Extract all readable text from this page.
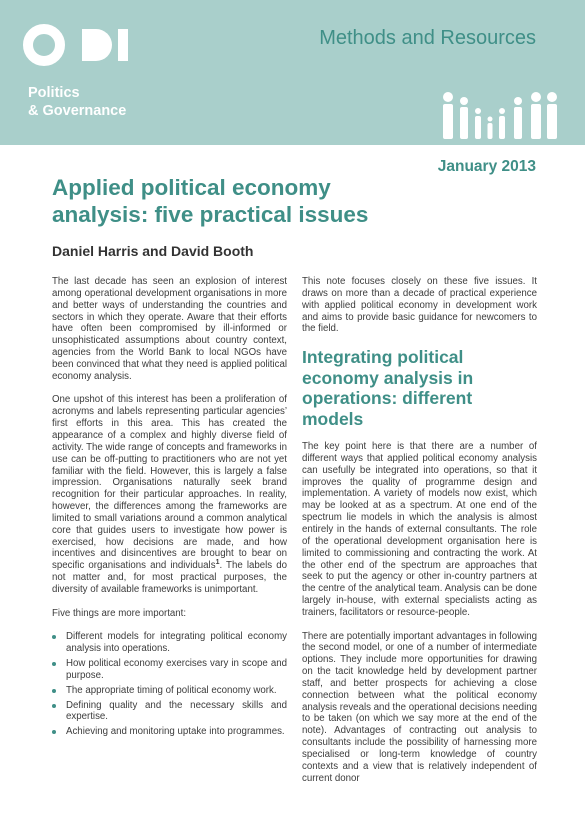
Politics
& Governance
Methods and Resources
January 2013
Applied political economy analysis: five practical issues
Daniel Harris and David Booth

The last decade has seen an explosion of interest among operational development organisations in more and better ways of understanding the countries and sectors in which they operate. Aware that their efforts have often been compromised by ill-informed or unsophisticated assumptions about country context, agencies from the World Bank to local NGOs have been convinced that what they need is applied political economy analysis.

One upshot of this interest has been a proliferation of acronyms and labels representing particular agencies’ first efforts in this area. This has created the appearance of a complex and highly diverse field of activity. The wide range of concepts and frameworks in use can be off-putting to practitioners who are not yet familiar with the field. However, this is largely a false impression. Organisations naturally seek brand recognition for their particular approaches. In reality, however, the differences among the frameworks are limited to small variations around a common analytical core that guides users to investigate how power is exercised, how decisions are made, and how incentives and disincentives are brought to bear on specific organisations and individuals$^1$. The labels do not matter and, for most practical purposes, the diversity of available frameworks is unimportant.

Five things are more important:

Different models for integrating political economy analysis into operations.
How political economy exercises vary in scope and purpose.
The appropriate timing of political economy work.
Defining quality and the necessary skills and expertise.
Achieving and monitoring uptake into programmes.

This note focuses closely on these five issues. It draws on more than a decade of practical experience with applied political economy in development work and aims to provide basic guidance for newcomers to the field.

Integrating political economy analysis in operations: different models

The key point here is that there are a number of different ways that applied political economy analysis can usefully be integrated into operations, so that it improves the quality of programme design and implementation. A variety of models now exist, which may be looked at as a spectrum. At one end of the spectrum lie models in which the analysis is almost entirely in the hands of external consultants. The role of the operational development organisation here is limited to commissioning and contracting the work. At the other end of the spectrum are approaches that seek to put the agency or other in-country partners at the centre of the analytical team. Analysis can be done largely in-house, with external specialists acting as trainers, facilitators or resource-people.

There are potentially important advantages in following the second model, or one of a number of intermediate options. They include more opportunities for drawing on the tacit knowledge held by development partner staff, and better prospects for achieving a close connection between what the political economy analysis reveals and the operational decisions needing to be taken (on which we say more at the end of the note). Advantages of contracting out analysis to consultants include the possibility of harnessing more specialised or long-term knowledge of country contexts and a view that is relatively independent of current donor
